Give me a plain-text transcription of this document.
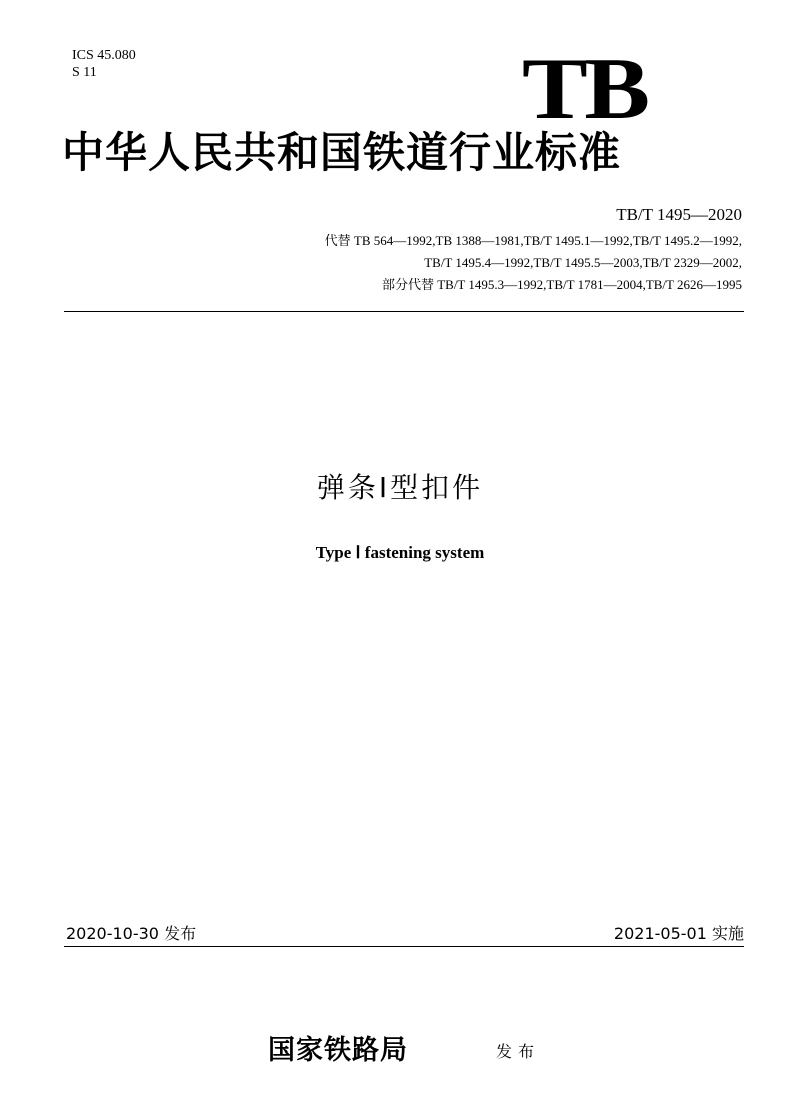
ICS 45.080
S 11	TB
中华人民共和国铁道行业标准
TB/T 1495—2020
代替 TB 564—1992,TB 1388—1981,TB/T 1495.1—1992,TB/T 1495.2—1992,
TB/T 1495.4—1992,TB/T 1495.5—2003,TB/T 2329—2002,
部分代替 TB/T 1495.3—1992,TB/T 1781—2004,TB/T 2626—1995
弹条Ⅰ型扣件
Type Ⅰ fastening system
2020-10-30 发布	2021-05-01 实施
国家铁路局	发布
